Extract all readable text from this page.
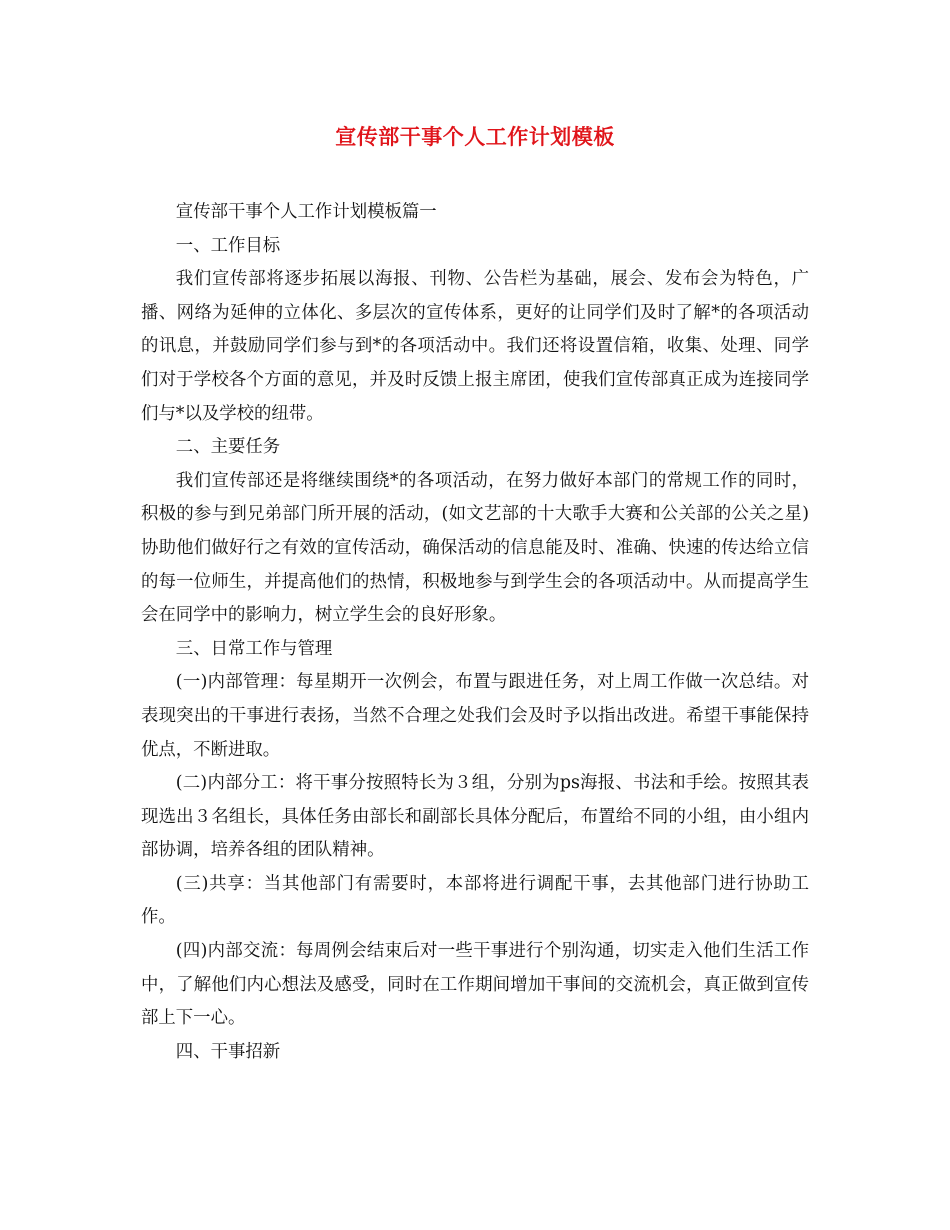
宣传部干事个人工作计划模板

宣传部干事个人工作计划模板篇一

一、工作目标

我们宣传部将逐步拓展以海报、刊物、公告栏为基础，展会、发布会为特色，广播、网络为延伸的立体化、多层次的宣传体系，更好的让同学们及时了解*的各项活动的讯息，并鼓励同学们参与到*的各项活动中。我们还将设置信箱，收集、处理、同学们对于学校各个方面的意见，并及时反馈上报主席团，使我们宣传部真正成为连接同学们与*以及学校的纽带。

二、主要任务

我们宣传部还是将继续围绕*的各项活动，在努力做好本部门的常规工作的同时，积极的参与到兄弟部门所开展的活动，(如文艺部的十大歌手大赛和公关部的公关之星)协助他们做好行之有效的宣传活动，确保活动的信息能及时、准确、快速的传达给立信的每一位师生，并提高他们的热情，积极地参与到学生会的各项活动中。从而提高学生会在同学中的影响力，树立学生会的良好形象。

三、日常工作与管理

(一)内部管理：每星期开一次例会，布置与跟进任务，对上周工作做一次总结。对表现突出的干事进行表扬，当然不合理之处我们会及时予以指出改进。希望干事能保持优点，不断进取。

(二)内部分工：将干事分按照特长为３组，分别为ps海报、书法和手绘。按照其表现选出３名组长，具体任务由部长和副部长具体分配后，布置给不同的小组，由小组内部协调，培养各组的团队精神。

(三)共享：当其他部门有需要时，本部将进行调配干事，去其他部门进行协助工作。

(四)内部交流：每周例会结束后对一些干事进行个别沟通，切实走入他们生活工作中，了解他们内心想法及感受，同时在工作期间增加干事间的交流机会，真正做到宣传部上下一心。

四、干事招新
